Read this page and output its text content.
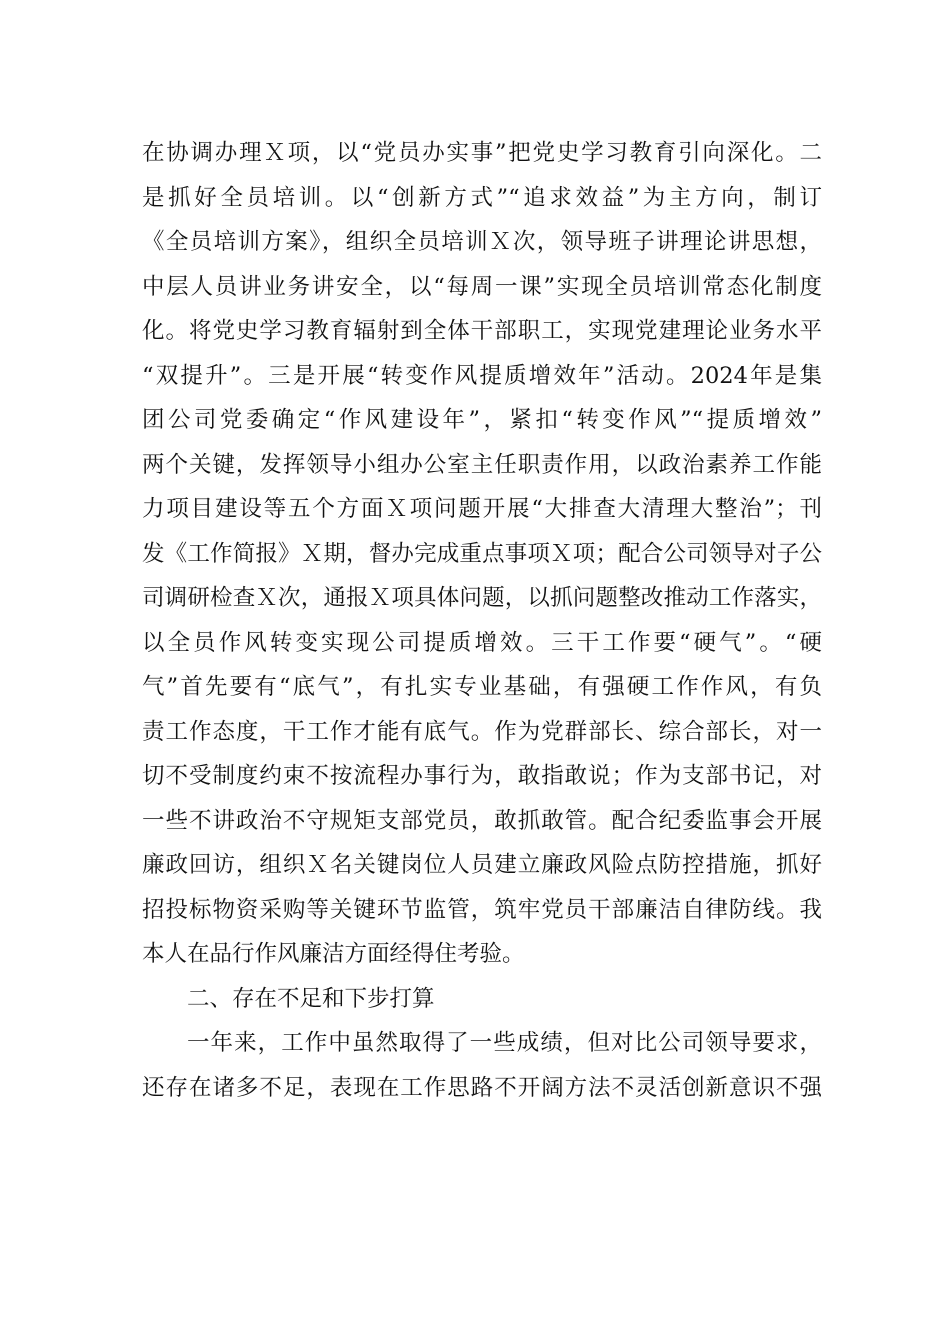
在协调办理Ｘ项，以“党员办实事”把党史学习教育引向深化。二
是抓好全员培训。以“创新方式”“追求效益”为主方向，制订
《全员培训方案》，组织全员培训Ｘ次，领导班子讲理论讲思想，
中层人员讲业务讲安全，以“每周一课”实现全员培训常态化制度
化。将党史学习教育辐射到全体干部职工，实现党建理论业务水平
“双提升”。三是开展“转变作风提质增效年”活动。2024年是集
团公司党委确定“作风建设年”，紧扣“转变作风”“提质增效”
两个关键，发挥领导小组办公室主任职责作用，以政治素养工作能
力项目建设等五个方面Ｘ项问题开展“大排查大清理大整治”；刊
发《工作简报》Ｘ期，督办完成重点事项Ｘ项；配合公司领导对子公
司调研检查Ｘ次，通报Ｘ项具体问题，以抓问题整改推动工作落实，
以全员作风转变实现公司提质增效。三干工作要“硬气”。“硬
气”首先要有“底气”，有扎实专业基础，有强硬工作作风，有负
责工作态度，干工作才能有底气。作为党群部长、综合部长，对一
切不受制度约束不按流程办事行为，敢指敢说；作为支部书记，对
一些不讲政治不守规矩支部党员，敢抓敢管。配合纪委监事会开展
廉政回访，组织Ｘ名关键岗位人员建立廉政风险点防控措施，抓好
招投标物资采购等关键环节监管，筑牢党员干部廉洁自律防线。我
本人在品行作风廉洁方面经得住考验。
二、存在不足和下步打算
一年来，工作中虽然取得了一些成绩，但对比公司领导要求，
还存在诸多不足，表现在工作思路不开阔方法不灵活创新意识不强
